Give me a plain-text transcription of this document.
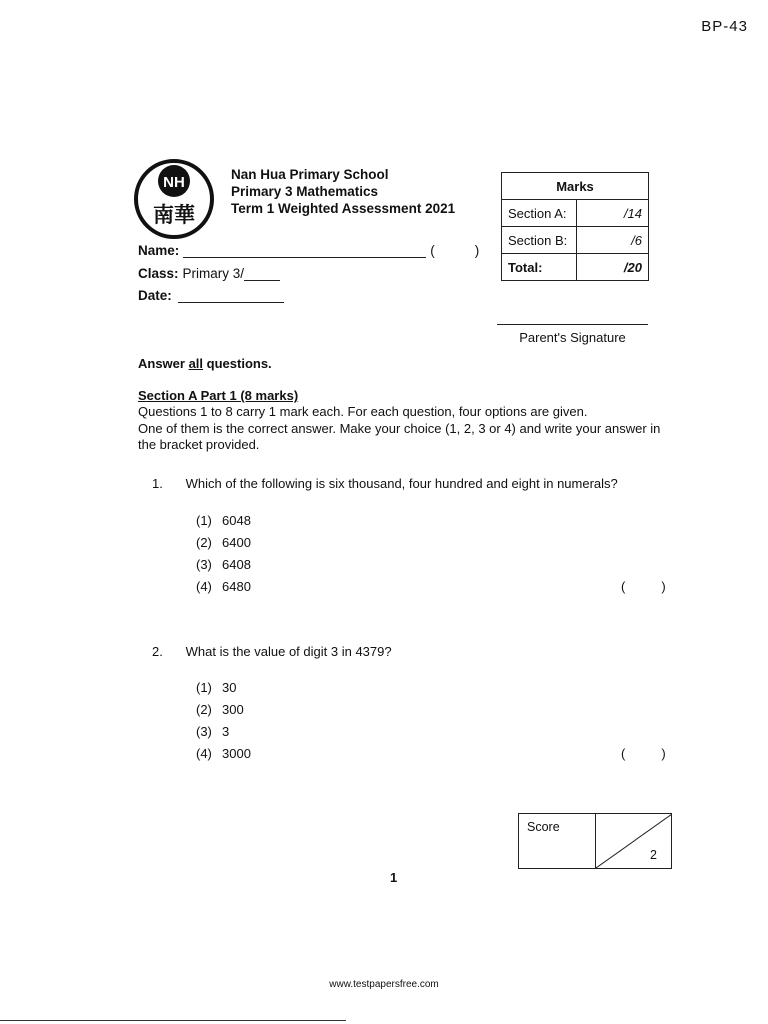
BP-43
NH
南華
Nan Hua Primary School
Primary 3 Mathematics
Term 1 Weighted Assessment 2021
Marks	
Section A:	/14
Section B:	/6
Total:	/20
Name:	(	)
Class: Primary 3/
Date:
Parent's Signature
Answer all questions.
Section A Part 1 (8 marks)
Questions 1 to 8 carry 1 mark each. For each question, four options are given.
One of them is the correct answer. Make your choice (1, 2, 3 or 4) and write your answer in
the bracket provided.
1. Which of the following is six thousand, four hundred and eight in numerals?
(1) 6048
(2) 6400
(3) 6408
(4) 6480	(	)
2. What is the value of digit 3 in 4379?
(1) 30
(2) 300
(3) 3
(4) 3000	(	)
Score
2
1
www.testpapersfree.com
